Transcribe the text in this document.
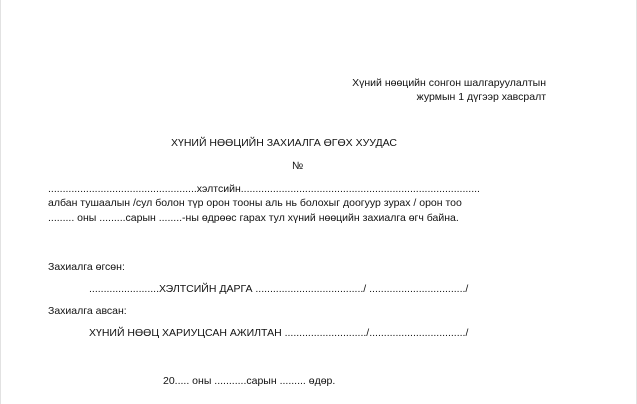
Хүний нөөцийн сонгон шалгаруулалтын
журмын 1 дүгээр хавсралт
ХҮНИЙ НӨӨЦИЙН ЗАХИАЛГА ӨГӨХ ХУУДАС
№
...................................................хэлтсийн..................................................................................
албан тушаалын /сул болон түр орон тооны аль нь болохыг доогуур зурах / орон тоо
......... оны .........сарын ........-ны өдрөөс гарах тул хүний нөөцийн захиалга өгч байна.
Захиалга өгсөн:
........................ХЭЛТСИЙН ДАРГА ...................................../ ................................./
Захиалга авсан:
ХҮНИЙ НӨӨЦ ХАРИУЦСАН АЖИЛТАН ............................/................................./
20..... оны ...........сарын ......... өдөр.
